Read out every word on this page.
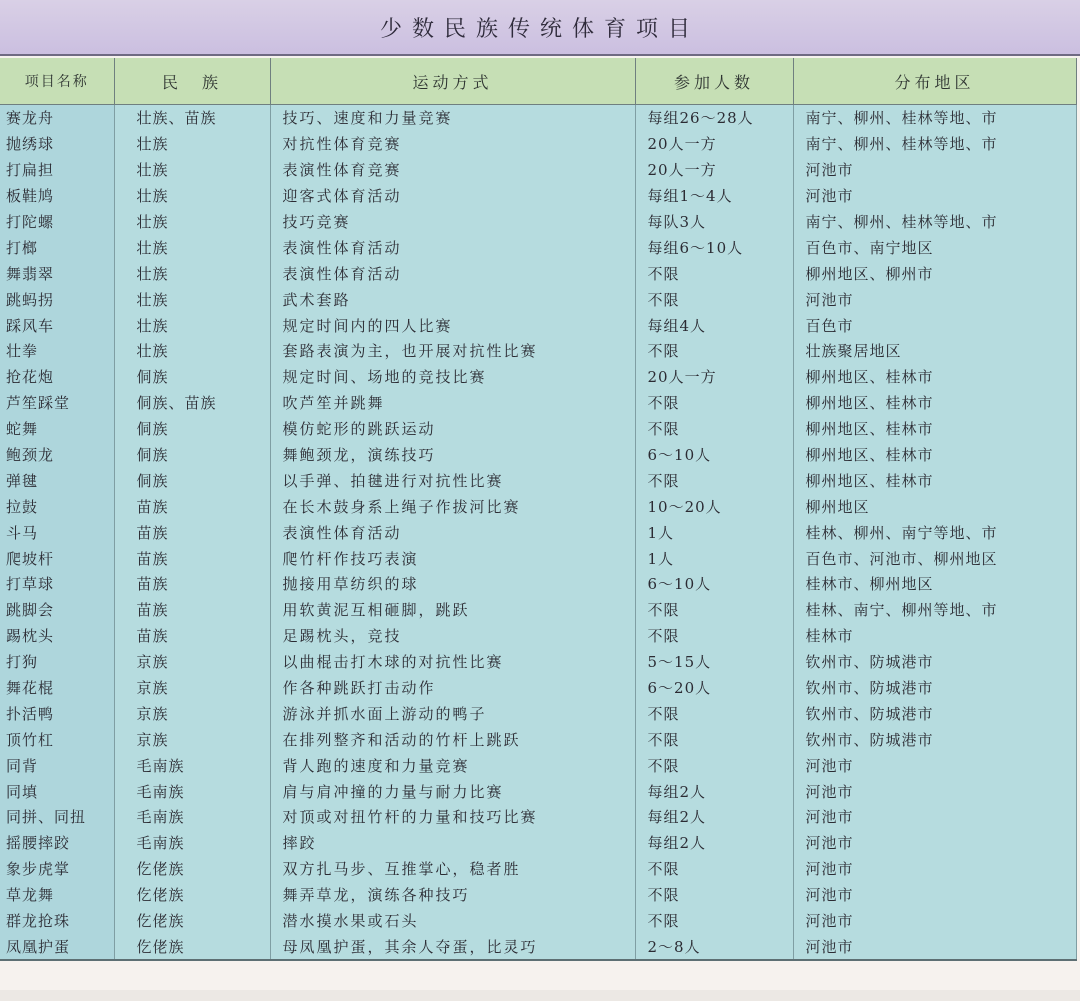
少数民族传统体育项目
项目名称	民　族	运动方式	参加人数	分布地区
赛龙舟	壮族、苗族	技巧、速度和力量竞赛	每组26～28人	南宁、柳州、桂林等地、市
抛绣球	壮族	对抗性体育竞赛	20人一方	南宁、柳州、桂林等地、市
打扁担	壮族	表演性体育竞赛	20人一方	河池市
板鞋鸠	壮族	迎客式体育活动	每组1～4人	河池市
打陀螺	壮族	技巧竞赛	每队3人	南宁、柳州、桂林等地、市
打榔	壮族	表演性体育活动	每组6～10人	百色市、南宁地区
舞翡翠	壮族	表演性体育活动	不限	柳州地区、柳州市
跳蚂拐	壮族	武术套路	不限	河池市
踩风车	壮族	规定时间内的四人比赛	每组4人	百色市
壮拳	壮族	套路表演为主，也开展对抗性比赛	不限	壮族聚居地区
抢花炮	侗族	规定时间、场地的竞技比赛	20人一方	柳州地区、桂林市
芦笙踩堂	侗族、苗族	吹芦笙并跳舞	不限	柳州地区、桂林市
蛇舞	侗族	模仿蛇形的跳跃运动	不限	柳州地区、桂林市
鲍颈龙	侗族	舞鲍颈龙，演练技巧	6～10人	柳州地区、桂林市
弹毽	侗族	以手弹、拍毽进行对抗性比赛	不限	柳州地区、桂林市
拉鼓	苗族	在长木鼓身系上绳子作拔河比赛	10～20人	柳州地区
斗马	苗族	表演性体育活动	1人	桂林、柳州、南宁等地、市
爬坡杆	苗族	爬竹杆作技巧表演	1人	百色市、河池市、柳州地区
打草球	苗族	抛接用草纺织的球	6～10人	桂林市、柳州地区
跳脚会	苗族	用软黄泥互相砸脚，跳跃	不限	桂林、南宁、柳州等地、市
踢枕头	苗族	足踢枕头，竞技	不限	桂林市
打狗	京族	以曲棍击打木球的对抗性比赛	5～15人	钦州市、防城港市
舞花棍	京族	作各种跳跃打击动作	6～20人	钦州市、防城港市
扑活鸭	京族	游泳并抓水面上游动的鸭子	不限	钦州市、防城港市
顶竹杠	京族	在排列整齐和活动的竹杆上跳跃	不限	钦州市、防城港市
同背	毛南族	背人跑的速度和力量竞赛	不限	河池市
同填	毛南族	肩与肩冲撞的力量与耐力比赛	每组2人	河池市
同拼、同扭	毛南族	对顶或对扭竹杆的力量和技巧比赛	每组2人	河池市
摇腰摔跤	毛南族	摔跤	每组2人	河池市
象步虎掌	仡佬族	双方扎马步、互推掌心，稳者胜	不限	河池市
草龙舞	仡佬族	舞弄草龙，演练各种技巧	不限	河池市
群龙抢珠	仡佬族	潜水摸水果或石头	不限	河池市
凤凰护蛋	仡佬族	母凤凰护蛋，其余人夺蛋，比灵巧	2～8人	河池市
